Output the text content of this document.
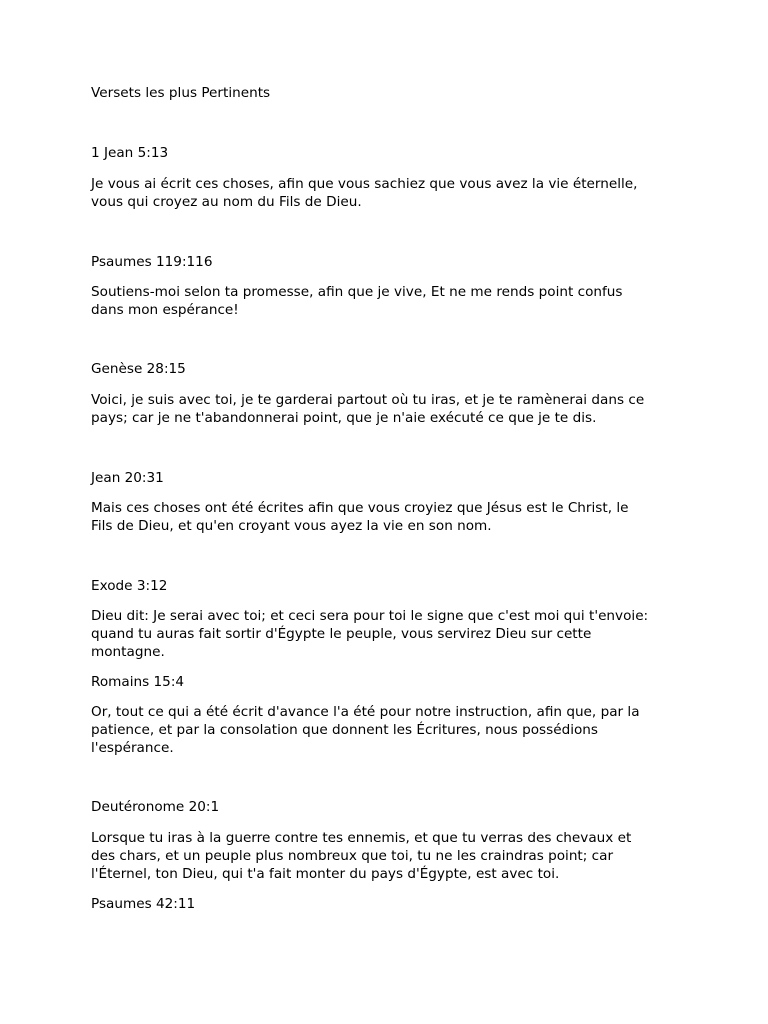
Versets les plus Pertinents
1 Jean 5:13
Je vous ai écrit ces choses, afin que vous sachiez que vous avez la vie éternelle,
vous qui croyez au nom du Fils de Dieu.
Psaumes 119:116
Soutiens-moi selon ta promesse, afin que je vive, Et ne me rends point confus
dans mon espérance!
Genèse 28:15
Voici, je suis avec toi, je te garderai partout où tu iras, et je te ramènerai dans ce
pays; car je ne t'abandonnerai point, que je n'aie exécuté ce que je te dis.
Jean 20:31
Mais ces choses ont été écrites afin que vous croyiez que Jésus est le Christ, le
Fils de Dieu, et qu'en croyant vous ayez la vie en son nom.
Exode 3:12
Dieu dit: Je serai avec toi; et ceci sera pour toi le signe que c'est moi qui t'envoie:
quand tu auras fait sortir d'Égypte le peuple, vous servirez Dieu sur cette
montagne.
Romains 15:4
Or, tout ce qui a été écrit d'avance l'a été pour notre instruction, afin que, par la
patience, et par la consolation que donnent les Écritures, nous possédions
l'espérance.
Deutéronome 20:1
Lorsque tu iras à la guerre contre tes ennemis, et que tu verras des chevaux et
des chars, et un peuple plus nombreux que toi, tu ne les craindras point; car
l'Éternel, ton Dieu, qui t'a fait monter du pays d'Égypte, est avec toi.
Psaumes 42:11
